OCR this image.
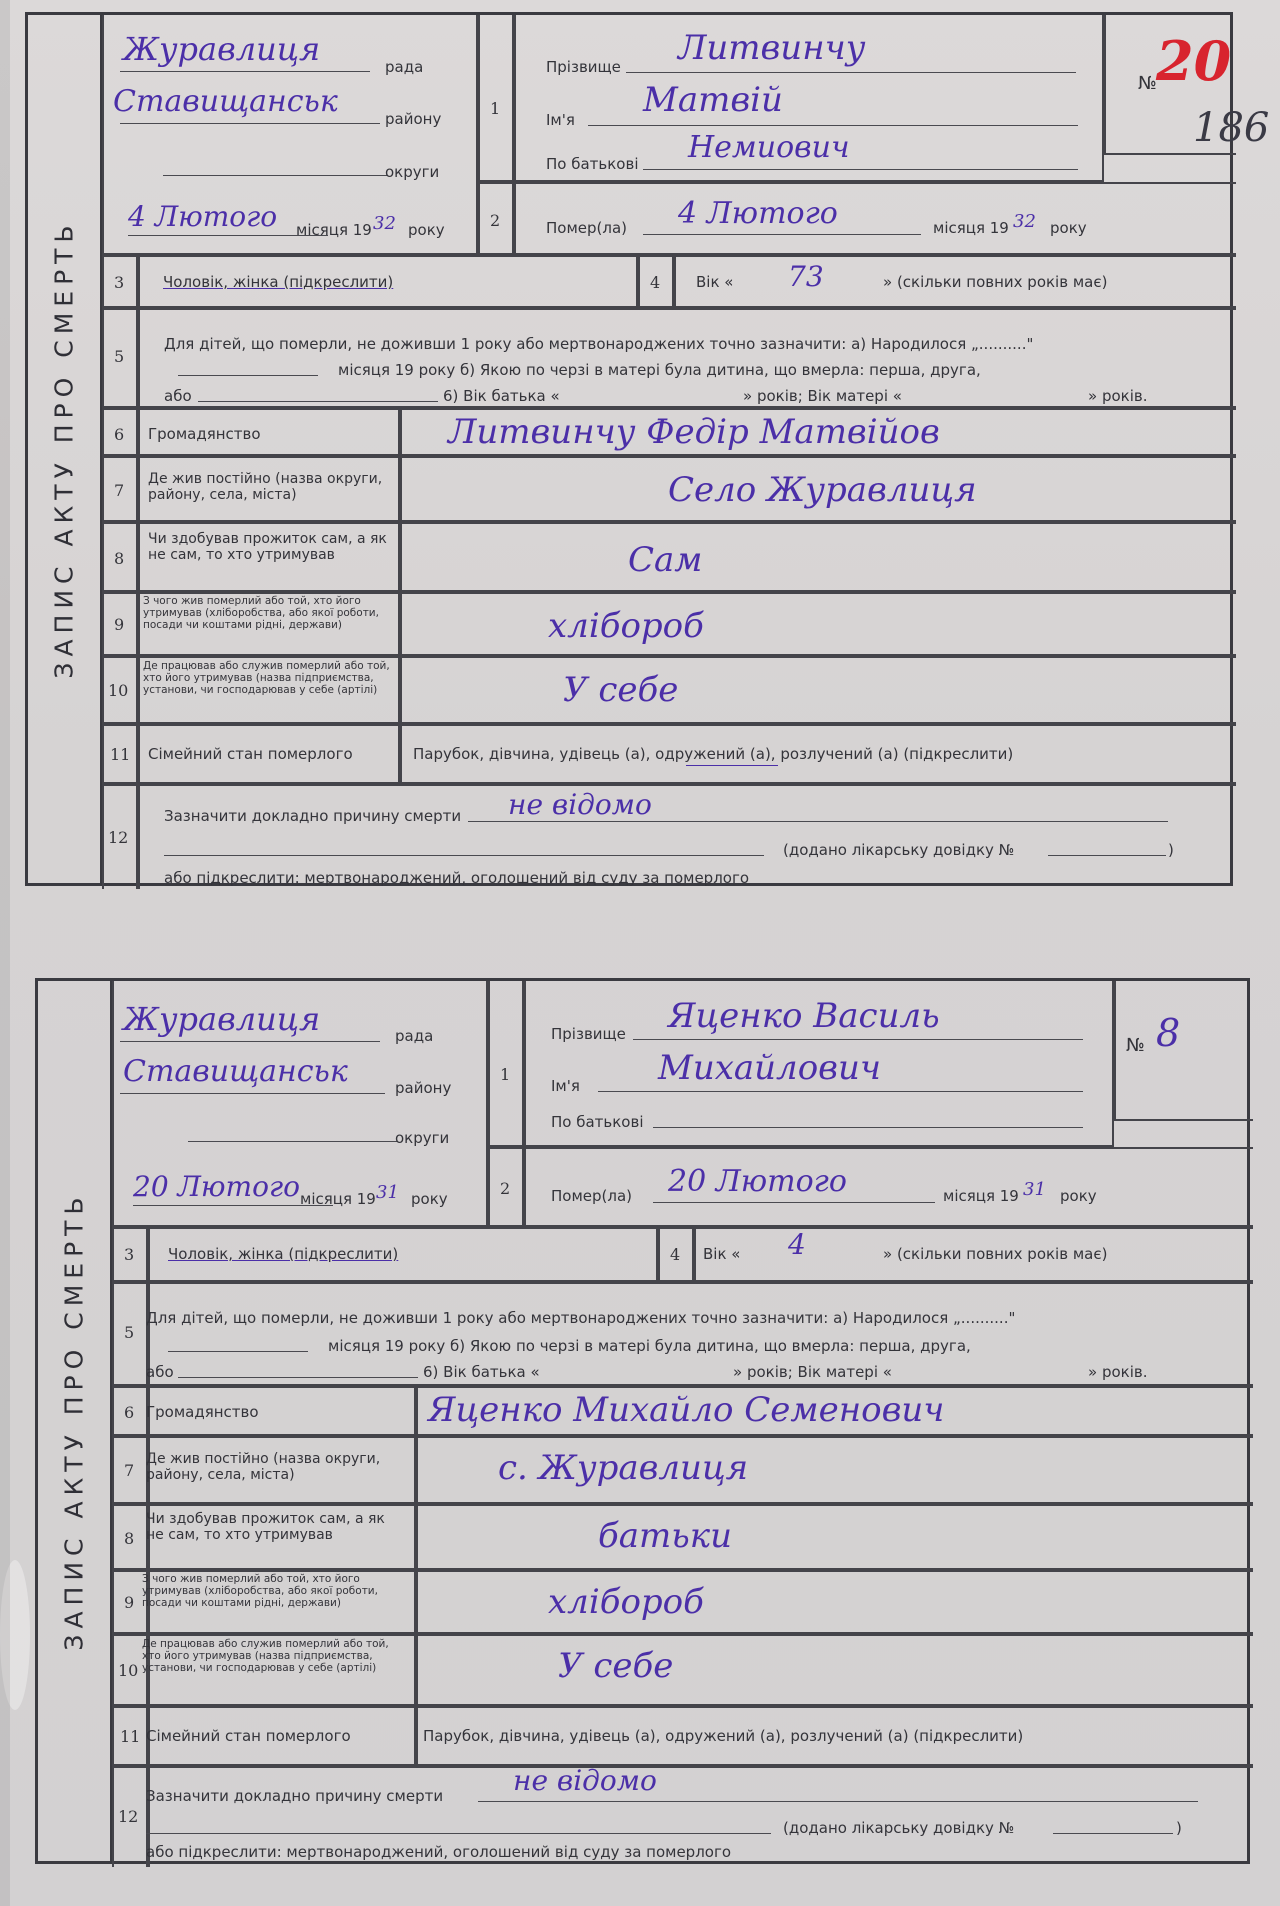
ЗАПИС АКТУ ПРО СМЕРТЬ
Журавлиця	рада
Ставищанськ	району
округи
4 Лютого місяця 19 32 року
1
2
Прізвище Литвинчу
Ім'я Матвій
По батькові Немиович
№ 20
186
Помер(ла) 4 Лютого	місяця 19 32 року
3	Чоловік, жінка (підкреслити)	4 Вік « 73	» (скільки повних років має)
5
Для дітей, що померли, не доживши 1 року або мертвонароджених точно зазначити: а) Народилося „.........."
місяця 19 року б) Якою по черзі в матері була дитина, що вмерла: перша, друга,
або	6) Вік батька «	» років; Вік матері «	» років.
6 Громадянство	Литвинчу Федір Матвійов
7
Де жив постійно (назва округи, району, села, міста)	Село Журавлиця
8
Чи здобував прожиток сам, а як не сам, то хто утримував	Сам
9
З чого жив померлий або той, хто його утримував (хліборобства, або якої роботи, посади чи коштами рідні, держави)	хлібороб
10
Де працював або служив померлий або той, хто його утримував (назва підприємства, установи, чи господарював у себе (артілі)	У себе
11 Сімейний стан померлого	Парубок, дівчина, удівець (а), одружений (а), розлучений (а) (підкреслити)
12
Зазначити докладно причину смерти не відомо
(додано лікарську довідку №	)
або підкреслити: мертвонароджений, оголошений від суду за померлого
ЗАПИС АКТУ ПРО СМЕРТЬ
Журавлиця	рада
Ставищанськ	району
округи
20 Лютого місяця 19 31 року
1
2
Прізвище Яценко Василь
Ім'я Михайлович
По батькові
№ 8
Помер(ла) 20 Лютого	місяця 19 31 року
3 Чоловік, жінка (підкреслити)	4 Вік « 4	» (скільки повних років має)
5
Для дітей, що померли, не доживши 1 року або мертвонароджених точно зазначити: а) Народилося „.........."
місяця 19 року б) Якою по черзі в матері була дитина, що вмерла: перша, друга,
або	6) Вік батька «	» років; Вік матері «	» років.
6 Громадянство	Яценко Михайло Семенович
7
Де жив постійно (назва округи, району, села, міста)	с. Журавлиця
8
Чи здобував прожиток сам, а як не сам, то хто утримував	батьки
9
З чого жив померлий або той, хто його утримував (хліборобства, або якої роботи, посади чи коштами рідні, держави)	хлібороб
10
Де працював або служив померлий або той, хто його утримував (назва підприємства, установи, чи господарював у себе (артілі)	У себе
11 Сімейний стан померлого	Парубок, дівчина, удівець (а), одружений (а), розлучений (а) (підкреслити)
12
Зазначити докладно причину смерти не відомо
(додано лікарську довідку №	)
або підкреслити: мертвонароджений, оголошений від суду за померлого
